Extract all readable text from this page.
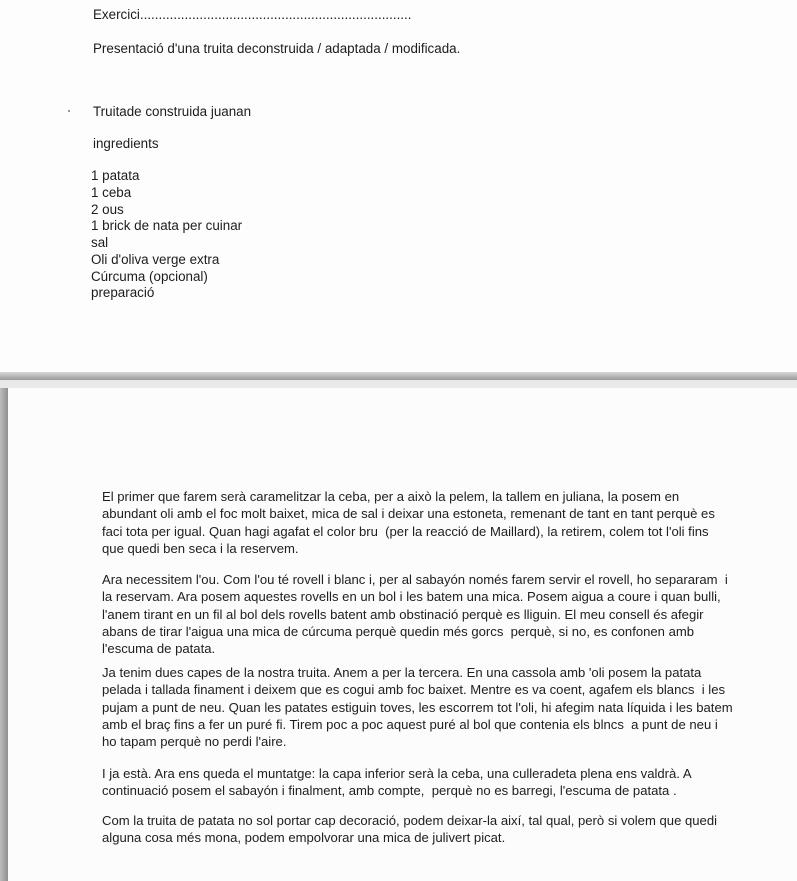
Exercici.........................................................................
Presentació d'una truita deconstruida / adaptada / modificada.
Truitade construida juanan
ingredients
1 patata
1 ceba
2 ous
1 brick de nata per cuinar
sal
Oli d'oliva verge extra
Cúrcuma (opcional)
preparació

El primer que farem serà caramelitzar la ceba, per a això la pelem, la tallem en juliana, la posem en
abundant oli amb el foc molt baixet, mica de sal i deixar una estoneta, remenant de tant en tant perquè es
faci tota per igual. Quan hagi agafat el color bru  (per la reacció de Maillard), la retirem, colem tot l'oli fins
que quedi ben seca i la reservem.

Ara necessitem l'ou. Com l'ou té rovell i blanc i, per al sabayón només farem servir el rovell, ho separaram  i
la reservam. Ara posem aquestes rovells en un bol i les batem una mica. Posem aigua a coure i quan bulli,
l'anem tirant en un fil al bol dels rovells batent amb obstinació perquè es lliguin. El meu consell és afegir
abans de tirar l'aigua una mica de cúrcuma perquè quedin més gorcs  perquè, si no, es confonen amb
l'escuma de patata.

Ja tenim dues capes de la nostra truita. Anem a per la tercera. En una cassola amb 'oli posem la patata
pelada i tallada finament i deixem que es cogui amb foc baixet. Mentre es va coent, agafem els blancs  i les
pujam a punt de neu. Quan les patates estiguin toves, les escorrem tot l'oli, hi afegim nata líquida i les batem
amb el braç fins a fer un puré fi. Tirem poc a poc aquest puré al bol que contenia els blncs  a punt de neu i
ho tapam perquè no perdi l'aire.

I ja està. Ara ens queda el muntatge: la capa inferior serà la ceba, una culleradeta plena ens valdrà. A
continuació posem el sabayón i finalment, amb compte,  perquè no es barregi, l'escuma de patata .

Com la truita de patata no sol portar cap decoració, podem deixar-la així, tal qual, però si volem que quedi
alguna cosa més mona, podem empolvorar una mica de julivert picat.
